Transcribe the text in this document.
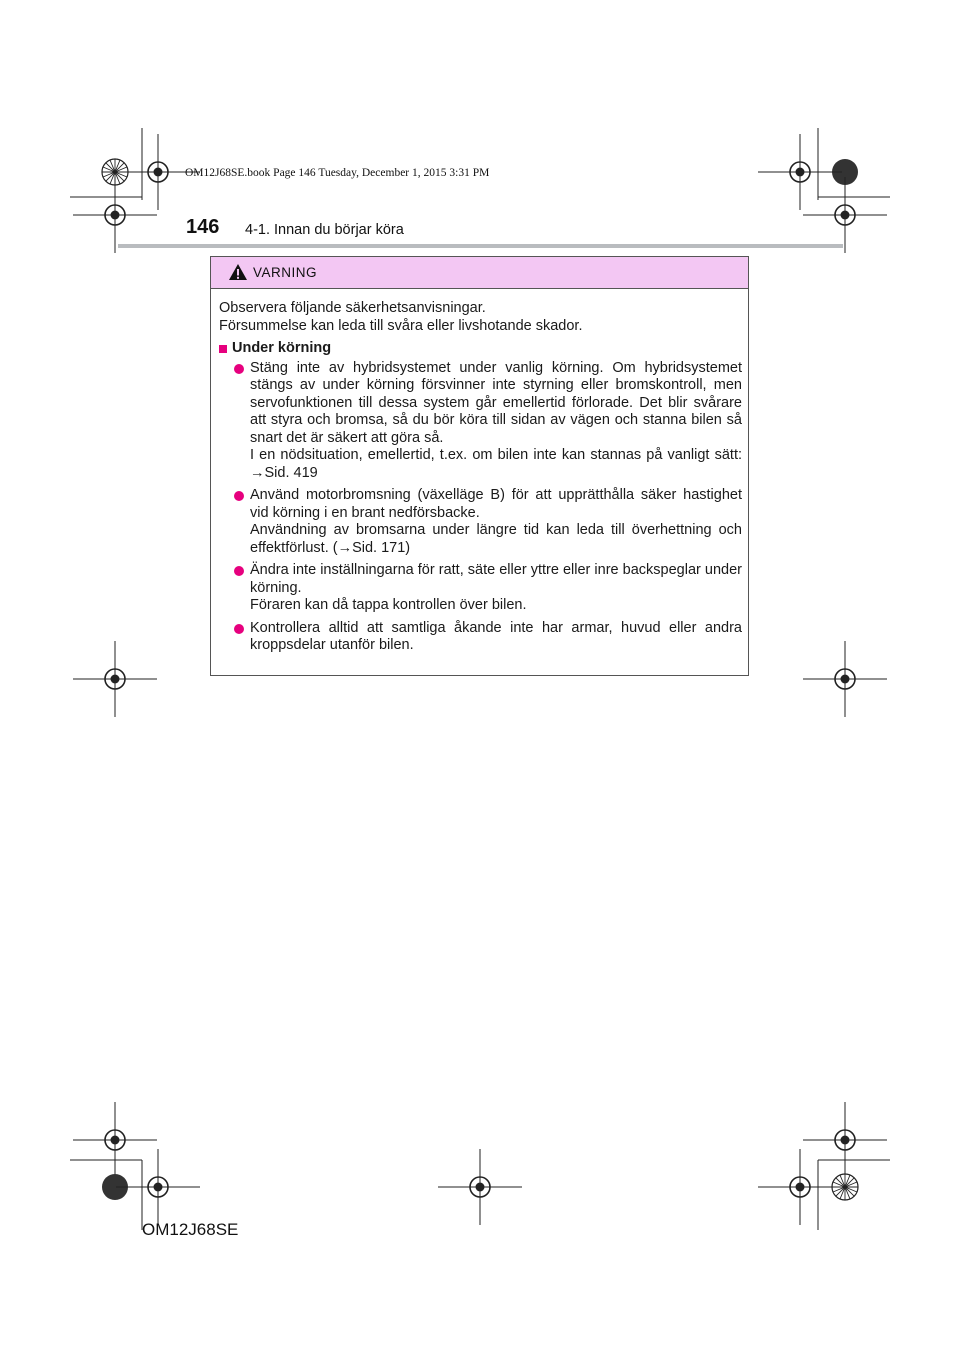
OM12J68SE.book Page 146 Tuesday, December 1, 2015 3:31 PM
146 4-1. Innan du börjar köra
VARNING

Observera följande säkerhetsanvisningar.

Försummelse kan leda till svåra eller livshotande skador.

Under körning

Stäng inte av hybridsystemet under vanlig körning. Om hybridsystemet stängs av under körning försvinner inte styrning eller bromskontroll, men servofunktionen till dessa system går emellertid förlorade. Det blir svårare att styra och bromsa, så du bör köra till sidan av vägen och stanna bilen så snart det är säkert att göra så.

I en nödsituation, emellertid, t.ex. om bilen inte kan stannas på vanligt sätt: →Sid. 419

Använd motorbromsning (växelläge B) för att upprätthålla säker hastighet vid körning i en brant nedförsbacke.

Användning av bromsarna under längre tid kan leda till överhettning och effektförlust. (→Sid. 171)

Ändra inte inställningarna för ratt, säte eller yttre eller inre backspeglar under körning.

Föraren kan då tappa kontrollen över bilen.

Kontrollera alltid att samtliga åkande inte har armar, huvud eller andra kroppsdelar utanför bilen.

OM12J68SE
